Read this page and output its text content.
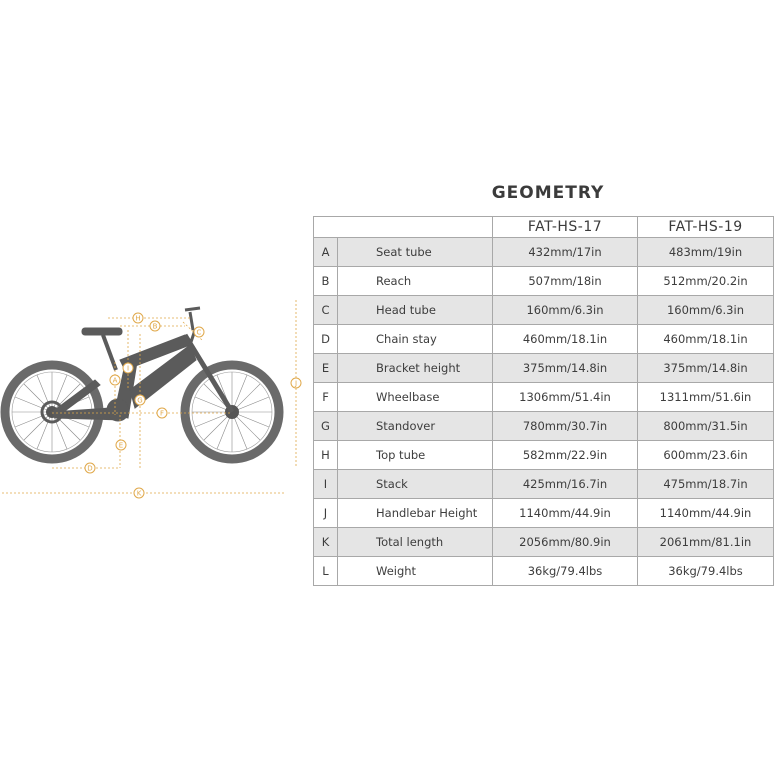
H
B
C
I
A
G
F
E
D
J
K
GEOMETRY
		FAT-HS-17	FAT-HS-19
A	Seat tube	432mm/17in	483mm/19in
B	Reach	507mm/18in	512mm/20.2in
C	Head tube	160mm/6.3in	160mm/6.3in
D	Chain stay	460mm/18.1in	460mm/18.1in
E	Bracket height	375mm/14.8in	375mm/14.8in
F	Wheelbase	1306mm/51.4in	1311mm/51.6in
G	Standover	780mm/30.7in	800mm/31.5in
H	Top tube	582mm/22.9in	600mm/23.6in
I	Stack	425mm/16.7in	475mm/18.7in
J	Handlebar Height	1140mm/44.9in	1140mm/44.9in
K	Total length	2056mm/80.9in	2061mm/81.1in
L	Weight	36kg/79.4lbs	36kg/79.4lbs
